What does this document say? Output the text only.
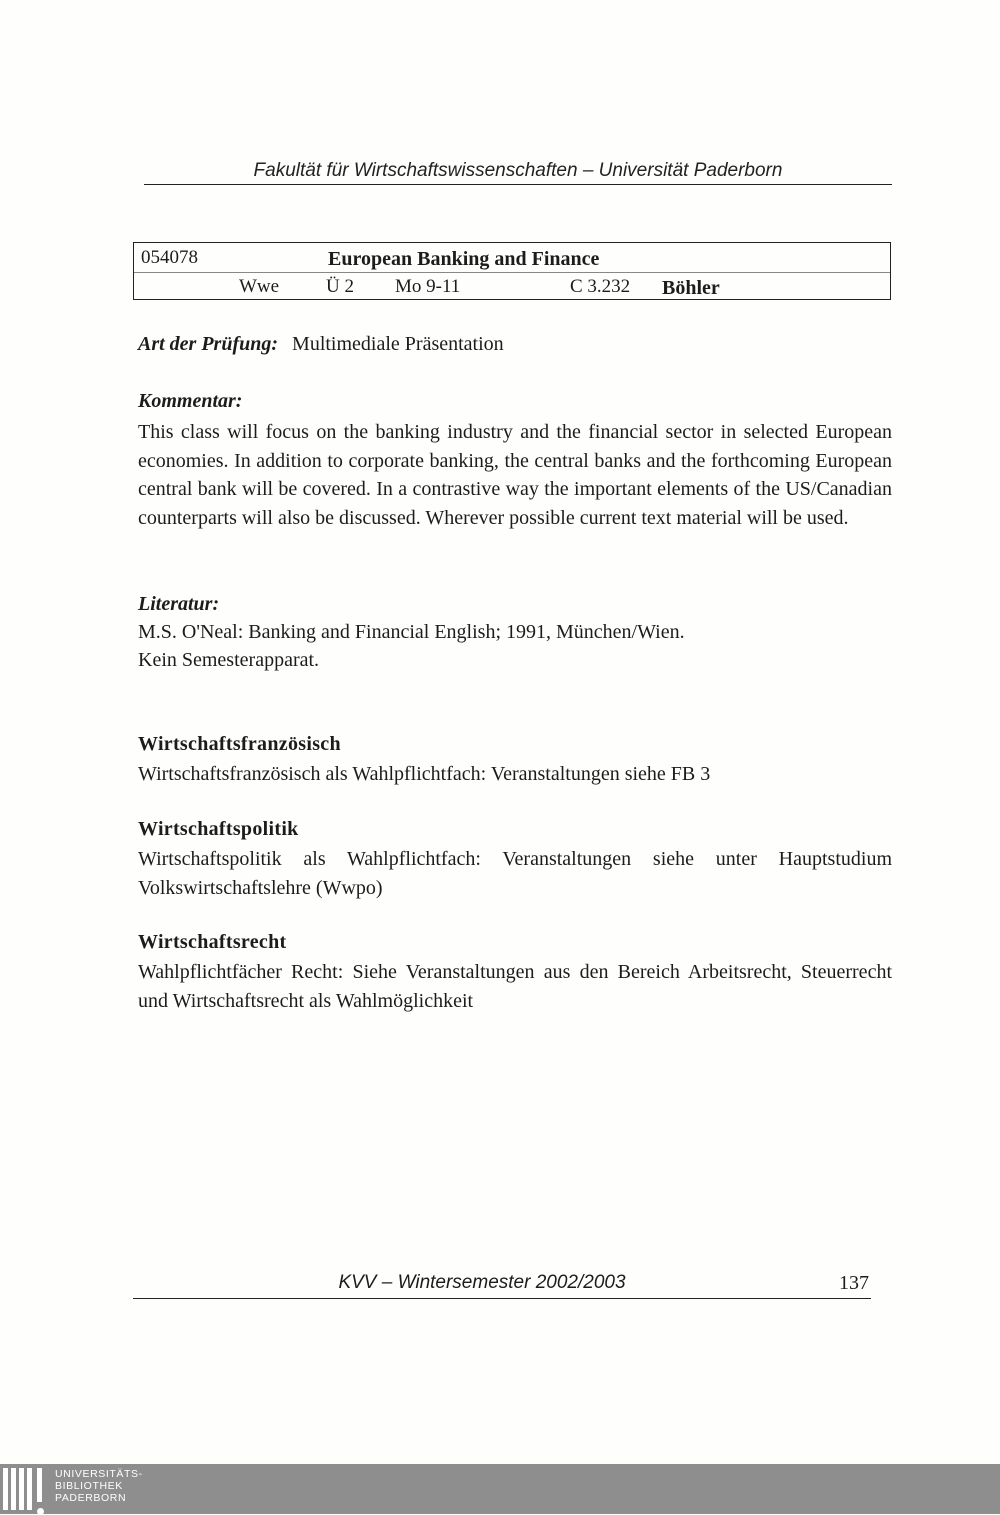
Fakultät für Wirtschaftswissenschaften – Universität Paderborn
054078	European Banking and Finance
Wwe Ü 2 Mo 9-11	C 3.232 Böhler
Art der Prüfung: Multimediale Präsentation
Kommentar:
This class will focus on the banking industry and the financial sector in selected European economies. In addition to corporate banking, the central banks and the forthcoming European central bank will be covered. In a contrastive way the important elements of the US/Canadian counterparts will also be discussed. Wherever possible current text material will be used.
Literatur:
M.S. O'Neal: Banking and Financial English; 1991, München/Wien.
Kein Semesterapparat.
Wirtschaftsfranzösisch
Wirtschaftsfranzösisch als Wahlpflichtfach: Veranstaltungen siehe FB 3
Wirtschaftspolitik
Wirtschaftspolitik als Wahlpflichtfach: Veranstaltungen siehe unter Hauptstudium Volkswirtschaftslehre (Wwpo)
Wirtschaftsrecht
Wahlpflichtfächer Recht: Siehe Veranstaltungen aus den Bereich Arbeitsrecht, Steuerrecht und Wirtschaftsrecht als Wahlmöglichkeit
KVV – Wintersemester 2002/2003	137
UNIVERSITÄTS-
BIBLIOTHEK
PADERBORN
